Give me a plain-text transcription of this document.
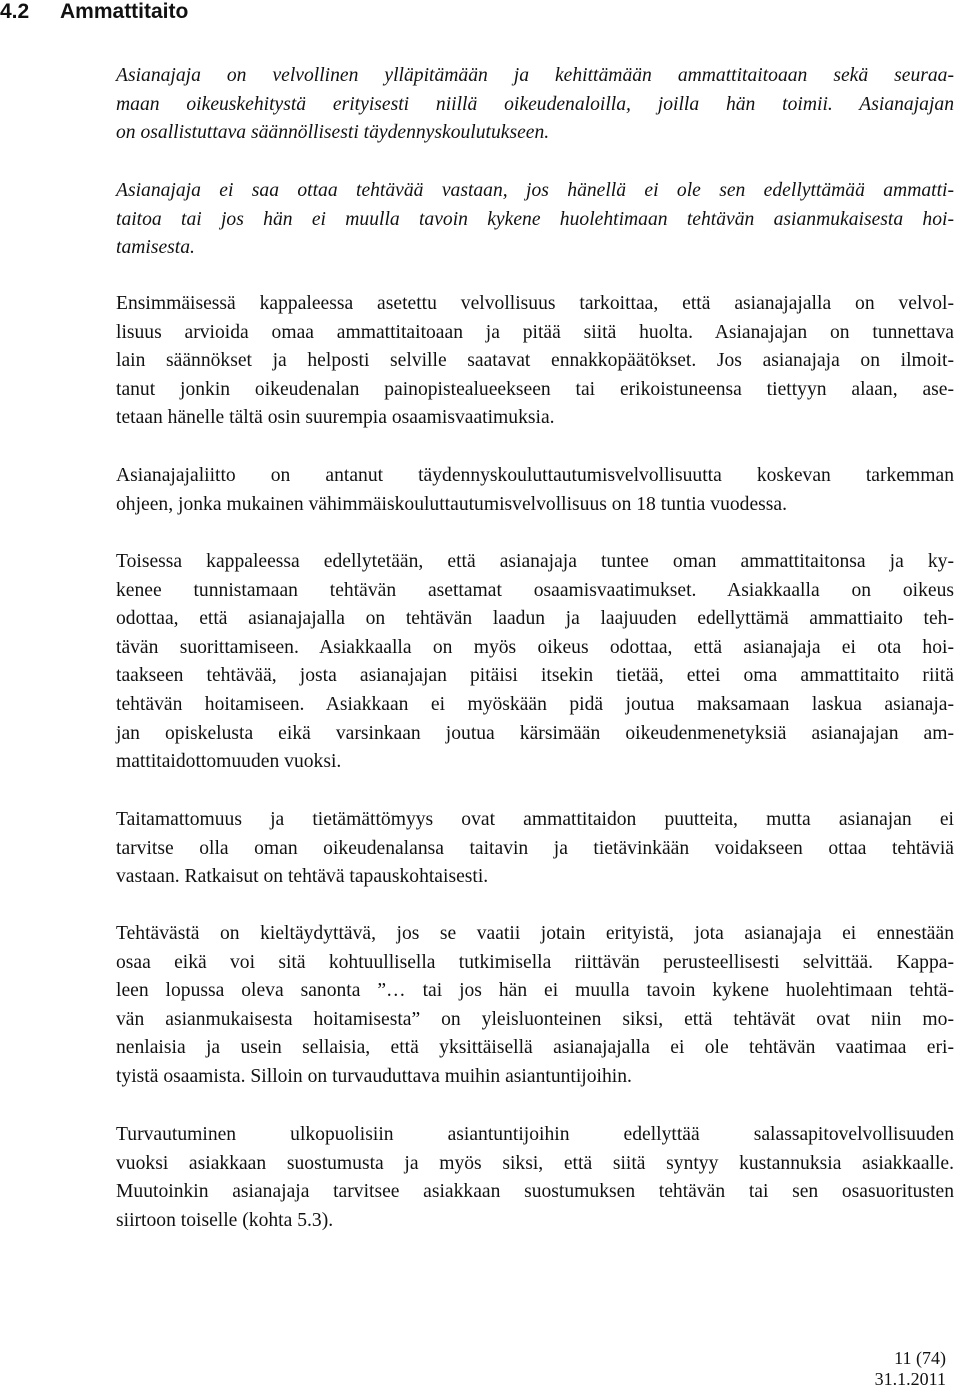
4.2 Ammattitaito

Asianajaja on velvollinen ylläpitämään ja kehittämään ammattitaitoaan sekä seuraa-
maan oikeuskehitystä erityisesti niillä oikeudenaloilla, joilla hän toimii. Asianajajan
on osallistuttava säännöllisesti täydennyskoulutukseen.

Asianajaja ei saa ottaa tehtävää vastaan, jos hänellä ei ole sen edellyttämää ammatti-
taitoa tai jos hän ei muulla tavoin kykene huolehtimaan tehtävän asianmukaisesta hoi-
tamisesta.

Ensimmäisessä kappaleessa asetettu velvollisuus tarkoittaa, että asianajajalla on velvol-
lisuus arvioida omaa ammattitaitoaan ja pitää siitä huolta. Asianajajan on tunnettava
lain säännökset ja helposti selville saatavat ennakkopäätökset. Jos asianajaja on ilmoit-
tanut jonkin oikeudenalan painopistealueekseen tai erikoistuneensa tiettyyn alaan, ase-
tetaan hänelle tältä osin suurempia osaamisvaatimuksia.

Asianajajaliitto on antanut täydennyskouluttautumisvelvollisuutta koskevan tarkemman
ohjeen, jonka mukainen vähimmäiskouluttautumisvelvollisuus on 18 tuntia vuodessa.

Toisessa kappaleessa edellytetään, että asianajaja tuntee oman ammattitaitonsa ja ky-
kenee tunnistamaan tehtävän asettamat osaamisvaatimukset. Asiakkaalla on oikeus
odottaa, että asianajajalla on tehtävän laadun ja laajuuden edellyttämä ammattiaito teh-
tävän suorittamiseen. Asiakkaalla on myös oikeus odottaa, että asianajaja ei ota hoi-
taakseen tehtävää, josta asianajajan pitäisi itsekin tietää, ettei oma ammattitaito riitä
tehtävän hoitamiseen. Asiakkaan ei myöskään pidä joutua maksamaan laskua asianaja-
jan opiskelusta eikä varsinkaan joutua kärsimään oikeudenmenetyksiä asianajajan am-
mattitaidottomuuden vuoksi.

Taitamattomuus ja tietämättömyys ovat ammattitaidon puutteita, mutta asianajan ei
tarvitse olla oman oikeudenalansa taitavin ja tietävinkään voidakseen ottaa tehtäviä
vastaan. Ratkaisut on tehtävä tapauskohtaisesti.

Tehtävästä on kieltäydyttävä, jos se vaatii jotain erityistä, jota asianajaja ei ennestään
osaa eikä voi sitä kohtuullisella tutkimisella riittävän perusteellisesti selvittää. Kappa-
leen lopussa oleva sanonta ”… tai jos hän ei muulla tavoin kykene huolehtimaan tehtä-
vän asianmukaisesta hoitamisesta” on yleisluonteinen siksi, että tehtävät ovat niin mo-
nenlaisia ja usein sellaisia, että yksittäisellä asianajajalla ei ole tehtävän vaatimaa eri-
tyistä osaamista. Silloin on turvauduttava muihin asiantuntijoihin.

Turvautuminen ulkopuolisiin asiantuntijoihin edellyttää salassapitovelvollisuuden
vuoksi asiakkaan suostumusta ja myös siksi, että siitä syntyy kustannuksia asiakkaalle.
Muutoinkin asianajaja tarvitsee asiakkaan suostumuksen tehtävän tai sen osasuoritusten
siirtoon toiselle (kohta 5.3).

11 (74)
31.1.2011
